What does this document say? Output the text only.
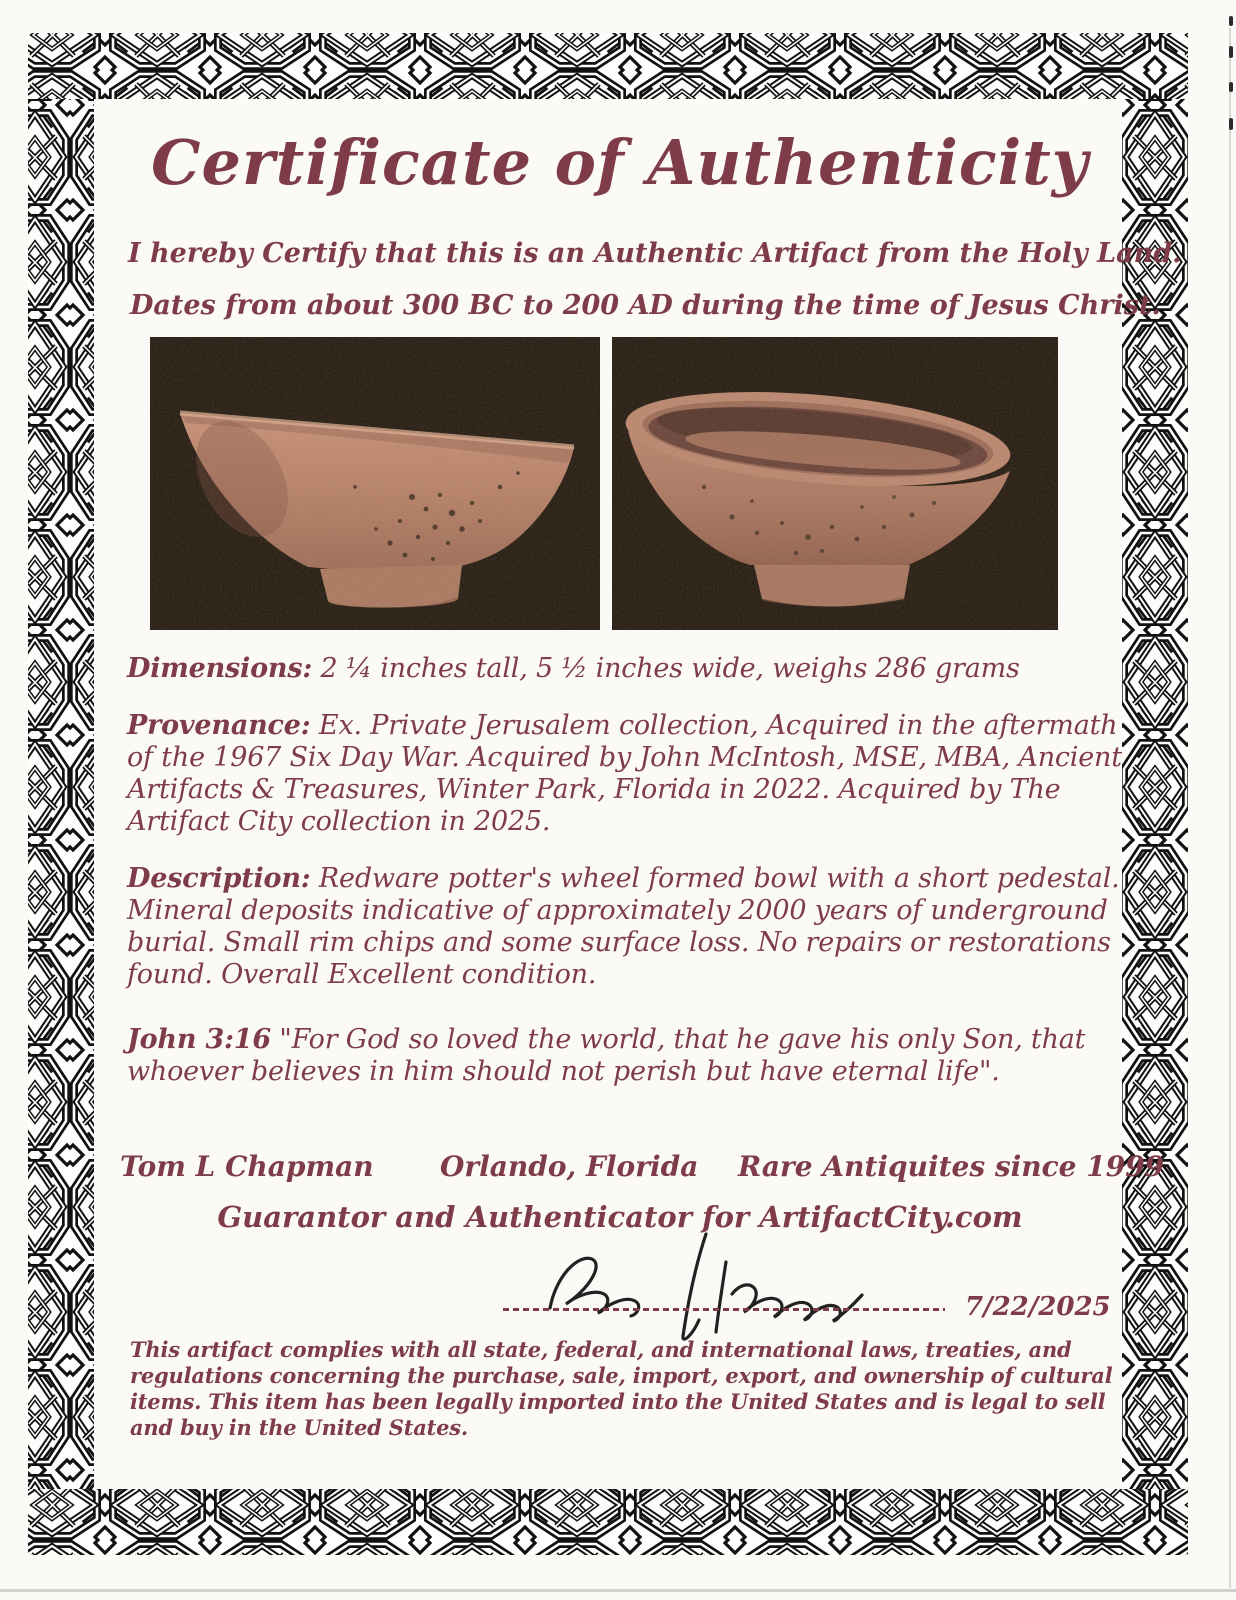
Certificate of Authenticity
I hereby Certify that this is an Authentic Artifact from the Holy Land.
Dates from about 300 BC to 200 AD during the time of Jesus Christ.

Dimensions: 2 ¼ inches tall, 5 ½ inches wide, weighs 286 grams

Provenance: Ex. Private Jerusalem collection, Acquired in the aftermath of the 1967 Six Day War. Acquired by John McIntosh, MSE, MBA, Ancient Artifacts & Treasures, Winter Park, Florida in 2022. Acquired by The Artifact City collection in 2025.

Description: Redware potter's wheel formed bowl with a short pedestal. Mineral deposits indicative of approximately 2000 years of underground burial. Small rim chips and some surface loss. No repairs or restorations found. Overall Excellent condition.

John 3:16 "For God so loved the world, that he gave his only Son, that whoever believes in him should not perish but have eternal life".

Tom L Chapman Orlando, Florida Rare Antiquites since 1999
Guarantor and Authenticator for ArtifactCity.com
7/22/2025

This artifact complies with all state, federal, and international laws, treaties, and regulations concerning the purchase, sale, import, export, and ownership of cultural items. This item has been legally imported into the United States and is legal to sell and buy in the United States.
